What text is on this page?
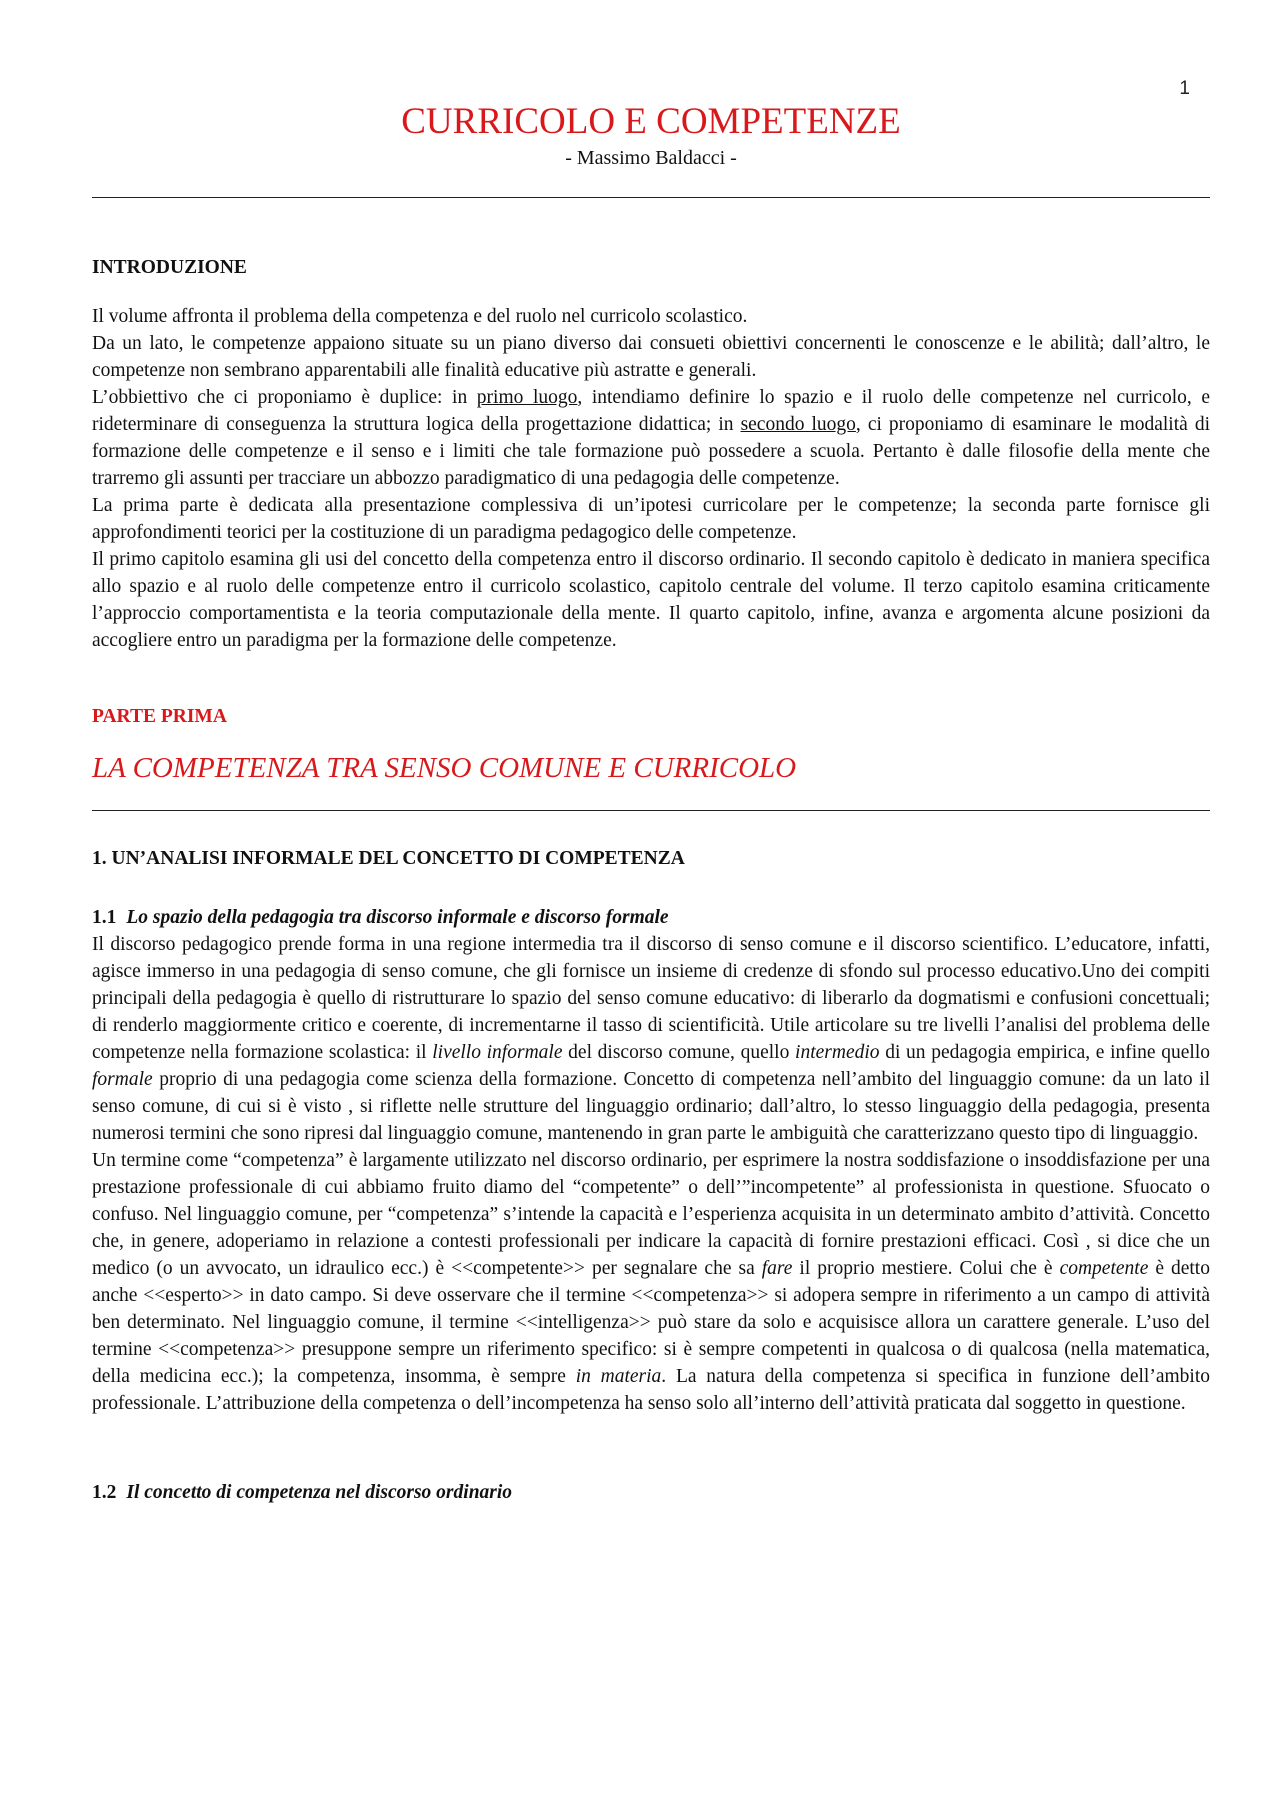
1
CURRICOLO E COMPETENZE

- Massimo Baldacci -

INTRODUZIONE

Il volume affronta il problema della competenza e del ruolo nel curricolo scolastico.

Da un lato, le competenze appaiono situate su un piano diverso dai consueti obiettivi concernenti le conoscenze e le abilità; dall’altro, le competenze non sembrano apparentabili alle finalità educative più astratte e generali.

L’obbiettivo che ci proponiamo è duplice: in primo luogo, intendiamo definire lo spazio e il ruolo delle competenze nel curricolo, e rideterminare di conseguenza la struttura logica della progettazione didattica; in secondo luogo, ci proponiamo di esaminare le modalità di formazione delle competenze e il senso e i limiti che tale formazione può possedere a scuola. Pertanto è dalle filosofie della mente che trarremo gli assunti per tracciare un abbozzo paradigmatico di una pedagogia delle competenze.

La prima parte è dedicata alla presentazione complessiva di un’ipotesi curricolare per le competenze; la seconda parte fornisce gli approfondimenti teorici per la costituzione di un paradigma pedagogico delle competenze.

Il primo capitolo esamina gli usi del concetto della competenza entro il discorso ordinario. Il secondo capitolo è dedicato in maniera specifica allo spazio e al ruolo delle competenze entro il curricolo scolastico, capitolo centrale del volume. Il terzo capitolo esamina criticamente l’approccio comportamentista e la teoria computazionale della mente. Il quarto capitolo, infine, avanza e argomenta alcune posizioni da accogliere entro un paradigma per la formazione delle competenze.

PARTE PRIMA

LA COMPETENZA TRA SENSO COMUNE E CURRICOLO

1. UN’ANALISI INFORMALE DEL CONCETTO DI COMPETENZA

1.1 Lo spazio della pedagogia tra discorso informale e discorso formale

Il discorso pedagogico prende forma in una regione intermedia tra il discorso di senso comune e il discorso scientifico. L’educatore, infatti, agisce immerso in una pedagogia di senso comune, che gli fornisce un insieme di credenze di sfondo sul processo educativo.Uno dei compiti principali della pedagogia è quello di ristrutturare lo spazio del senso comune educativo: di liberarlo da dogmatismi e confusioni concettuali; di renderlo maggiormente critico e coerente, di incrementarne il tasso di scientificità. Utile articolare su tre livelli l’analisi del problema delle competenze nella formazione scolastica: il livello informale del discorso comune, quello intermedio di un pedagogia empirica, e infine quello formale proprio di una pedagogia come scienza della formazione. Concetto di competenza nell’ambito del linguaggio comune: da un lato il senso comune, di cui si è visto , si riflette nelle strutture del linguaggio ordinario; dall’altro, lo stesso linguaggio della pedagogia, presenta numerosi termini che sono ripresi dal linguaggio comune, mantenendo in gran parte le ambiguità che caratterizzano questo tipo di linguaggio.

Un termine come “competenza” è largamente utilizzato nel discorso ordinario, per esprimere la nostra soddisfazione o insoddisfazione per una prestazione professionale di cui abbiamo fruito diamo del “competente” o dell’”incompetente” al professionista in questione. Sfuocato o confuso. Nel linguaggio comune, per “competenza” s’intende la capacità e l’esperienza acquisita in un determinato ambito d’attività. Concetto che, in genere, adoperiamo in relazione a contesti professionali per indicare la capacità di fornire prestazioni efficaci. Così , si dice che un medico (o un avvocato, un idraulico ecc.) è <<competente>> per segnalare che sa fare il proprio mestiere. Colui che è competente è detto anche <<esperto>> in dato campo. Si deve osservare che il termine <<competenza>> si adopera sempre in riferimento a un campo di attività ben determinato. Nel linguaggio comune, il termine <<intelligenza>> può stare da solo e acquisisce allora un carattere generale. L’uso del termine <<competenza>> presuppone sempre un riferimento specifico: si è sempre competenti in qualcosa o di qualcosa (nella matematica, della medicina ecc.); la competenza, insomma, è sempre in materia. La natura della competenza si specifica in funzione dell’ambito professionale. L’attribuzione della competenza o dell’incompetenza ha senso solo all’interno dell’attività praticata dal soggetto in questione.

1.2 Il concetto di competenza nel discorso ordinario
